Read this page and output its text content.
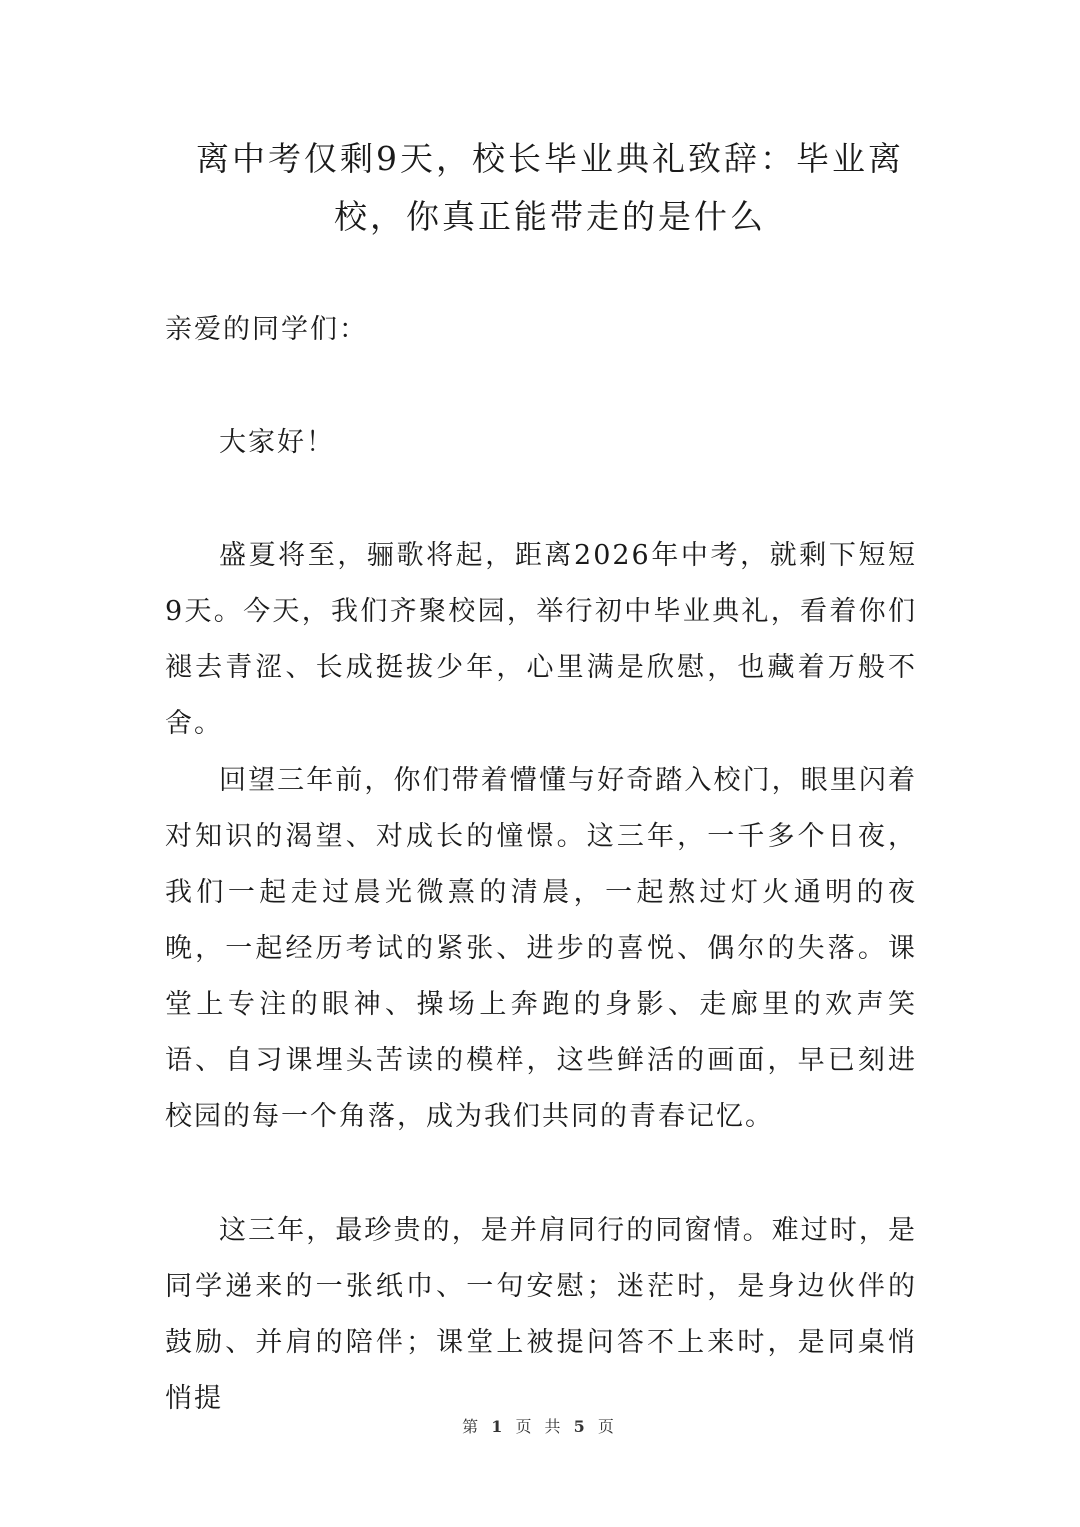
离中考仅剩9天，校长毕业典礼致辞：毕业离校，你真正能带走的是什么

亲爱的同学们：

大家好！

盛夏将至，骊歌将起，距离2026年中考，就剩下短短9天。今天，我们齐聚校园，举行初中毕业典礼，看着你们褪去青涩、长成挺拔少年，心里满是欣慰，也藏着万般不舍。

回望三年前，你们带着懵懂与好奇踏入校门，眼里闪着对知识的渴望、对成长的憧憬。这三年，一千多个日夜，我们一起走过晨光微熹的清晨，一起熬过灯火通明的夜晚，一起经历考试的紧张、进步的喜悦、偶尔的失落。课堂上专注的眼神、操场上奔跑的身影、走廊里的欢声笑语、自习课埋头苦读的模样，这些鲜活的画面，早已刻进校园的每一个角落，成为我们共同的青春记忆。

这三年，最珍贵的，是并肩同行的同窗情。难过时，是同学递来的一张纸巾、一句安慰；迷茫时，是身边伙伴的鼓励、并肩的陪伴；课堂上被提问答不上来时，是同桌悄悄提

第 1 页 共 5 页
